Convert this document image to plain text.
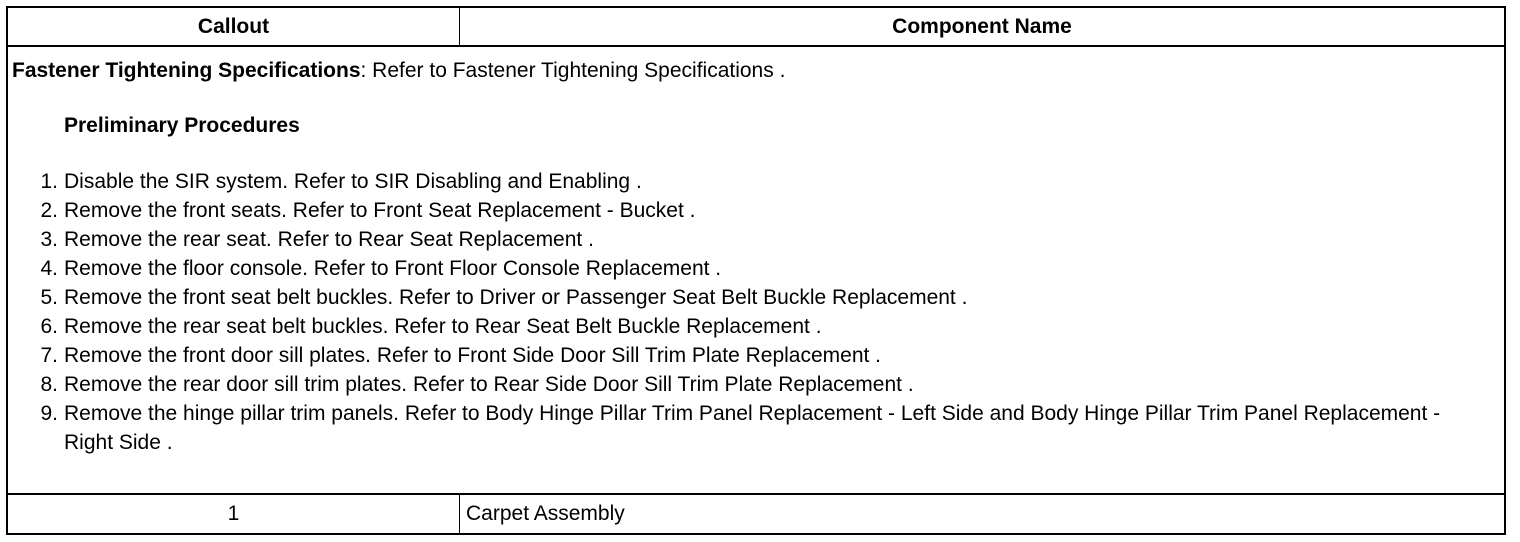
Callout	Component Name
Fastener Tightening Specifications: Refer to Fastener Tightening Specifications .
Preliminary Procedures
1. Disable the SIR system. Refer to SIR Disabling and Enabling .
2. Remove the front seats. Refer to Front Seat Replacement - Bucket .
3. Remove the rear seat. Refer to Rear Seat Replacement .
4. Remove the floor console. Refer to Front Floor Console Replacement .
5. Remove the front seat belt buckles. Refer to Driver or Passenger Seat Belt Buckle Replacement .
6. Remove the rear seat belt buckles. Refer to Rear Seat Belt Buckle Replacement .
7. Remove the front door sill plates. Refer to Front Side Door Sill Trim Plate Replacement .
8. Remove the rear door sill trim plates. Refer to Rear Side Door Sill Trim Plate Replacement .
9. Remove the hinge pillar trim panels. Refer to Body Hinge Pillar Trim Panel Replacement - Left Side and Body Hinge Pillar Trim Panel Replacement - Right Side .
1	Carpet Assembly
